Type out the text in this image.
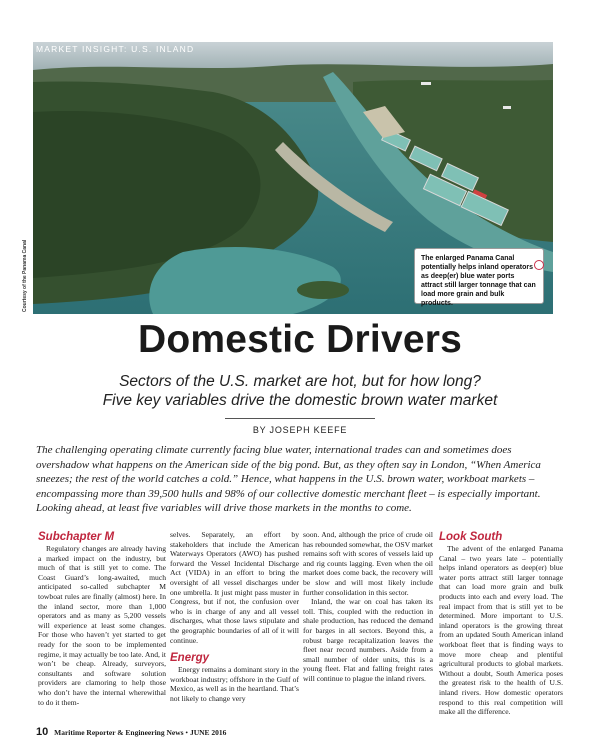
MARKET INSIGHT: U.S. INLAND
Courtesy of the Panama Canal	The enlarged Panama Canal potentially helps inland operators as deep(er) blue water ports attract still larger tonnage that can load more grain and bulk products.
Domestic Drivers
Sectors of the U.S. market are hot, but for how long?
Five key variables drive the domestic brown water market
BY JOSEPH KEEFE
The challenging operating climate currently facing blue water, international trades can and sometimes does overshadow what happens on the American side of the big pond. But, as they often say in London, “When America sneezes; the rest of the world catches a cold.” Hence, what happens in the U.S. brown water, workboat markets – encompassing more than 39,500 hulls and 98% of our collective domestic merchant fleet – is especially important. Looking ahead, at least five variables will drive those markets in the months to come.
Subchapter M

Regulatory changes are already having a marked impact on the industry, but much of that is still yet to come. The Coast Guard’s long-awaited, much anticipated so-called subchapter M towboat rules are finally (almost) here. In the inland sector, more than 1,000 operators and as many as 5,200 vessels will experience at least some changes. For those who haven’t yet started to get ready for the soon to be implemented regime, it may actually be too late. And, it won’t be cheap. Already, surveyors, consultants and software solution providers are clamoring to help those who don’t have the internal wherewithal to do it them-

selves. Separately, an effort by stakeholders that include the American Waterways Operators (AWO) has pushed forward the Vessel Incidental Discharge Act (VIDA) in an effort to bring the oversight of all vessel discharges under one umbrella. It just might pass muster in Congress, but if not, the confusion over who is in charge of any and all vessel discharges, what those laws stipulate and the geographic boundaries of all of it will continue.

Energy

Energy remains a dominant story in the workboat industry; offshore in the Gulf of Mexico, as well as in the heartland. That’s not likely to change very

soon. And, although the price of crude oil has rebounded somewhat, the OSV market remains soft with scores of vessels laid up and rig counts lagging. Even when the oil market does come back, the recovery will be slow and will most likely include further consolidation in this sector.

Inland, the war on coal has taken its toll. This, coupled with the reduction in shale production, has reduced the demand for barges in all sectors. Beyond this, a robust barge recapitalization leaves the fleet near record numbers. Aside from a small number of older units, this is a young fleet. Flat and falling freight rates will continue to plague the inland rivers.

Look South

The advent of the enlarged Panama Canal – two years late – potentially helps inland operators as deep(er) blue water ports attract still larger tonnage that can load more grain and bulk products into each and every load. The real impact from that is still yet to be determined. More important to U.S. inland operators is the growing threat from an updated South American inland workboat fleet that is finding ways to move more cheap and plentiful agricultural products to global markets. Without a doubt, South America poses the greatest risk to the health of U.S. inland rivers. How domestic operators respond to this real competition will make all the difference.

10 Maritime Reporter & Engineering News • JUNE 2016
